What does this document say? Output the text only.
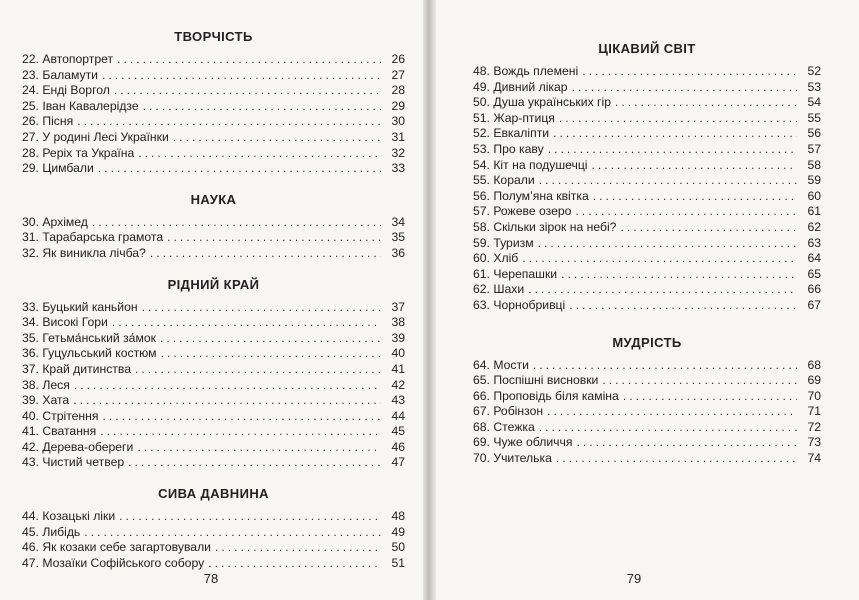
ТВОРЧІСТЬ
22. Автопортрет .....	26
23. Баламути .....	27
24. Енді Воргол .....	28
25. Іван Кавалерідзе .....	29
26. Пісня .....	30
27. У родині Лесі Українки .....	31
28. Реріх та Україна .....	32
29. Цимбали .....	33
НАУКА
30. Архімед .....	34
31. Тарабарська грамота .....	35
32. Як виникла лічба? .....	36
РІДНИЙ КРАЙ
33. Буцький каньйон .....	37
34. Високі Гори .....	38
35. Гетьма́нський за́мок .....	39
36. Гуцульський костюм .....	40
37. Край дитинства .....	41
38. Леся .....	42
39. Хата .....	43
40. Стрітення .....	44
41. Сватання .....	45
42. Дерева-обереги .....	46
43. Чистий четвер .....	47
СИВА ДАВНИНА
44. Козацькі ліки .....	48
45. Либідь .....	49
46. Як козаки себе загартовували .....	50
47. Мозаїки Софійського собору .....	51
78
ЦІКАВИЙ СВІТ
48. Вождь племені .....	52
49. Дивний лікар .....	53
50. Душа українських гір .....	54
51. Жар-птиця .....	55
52. Евкаліпти .....	56
53. Про каву .....	57
54. Кіт на подушечці .....	58
55. Корали .....	59
56. Полум’яна квітка .....	60
57. Рожеве озеро .....	61
58. Скільки зірок на небі? .....	62
59. Туризм .....	63
60. Хліб .....	64
61. Черепашки .....	65
62. Шахи .....	66
63. Чорнобривці .....	67
МУДРІСТЬ
64. Мости .....	68
65. Поспішні висновки .....	69
66. Проповідь біля каміна .....	70
67. Робінзон .....	71
68. Стежка .....	72
69. Чуже обличчя .....	73
70. Учителька .....	74
79
